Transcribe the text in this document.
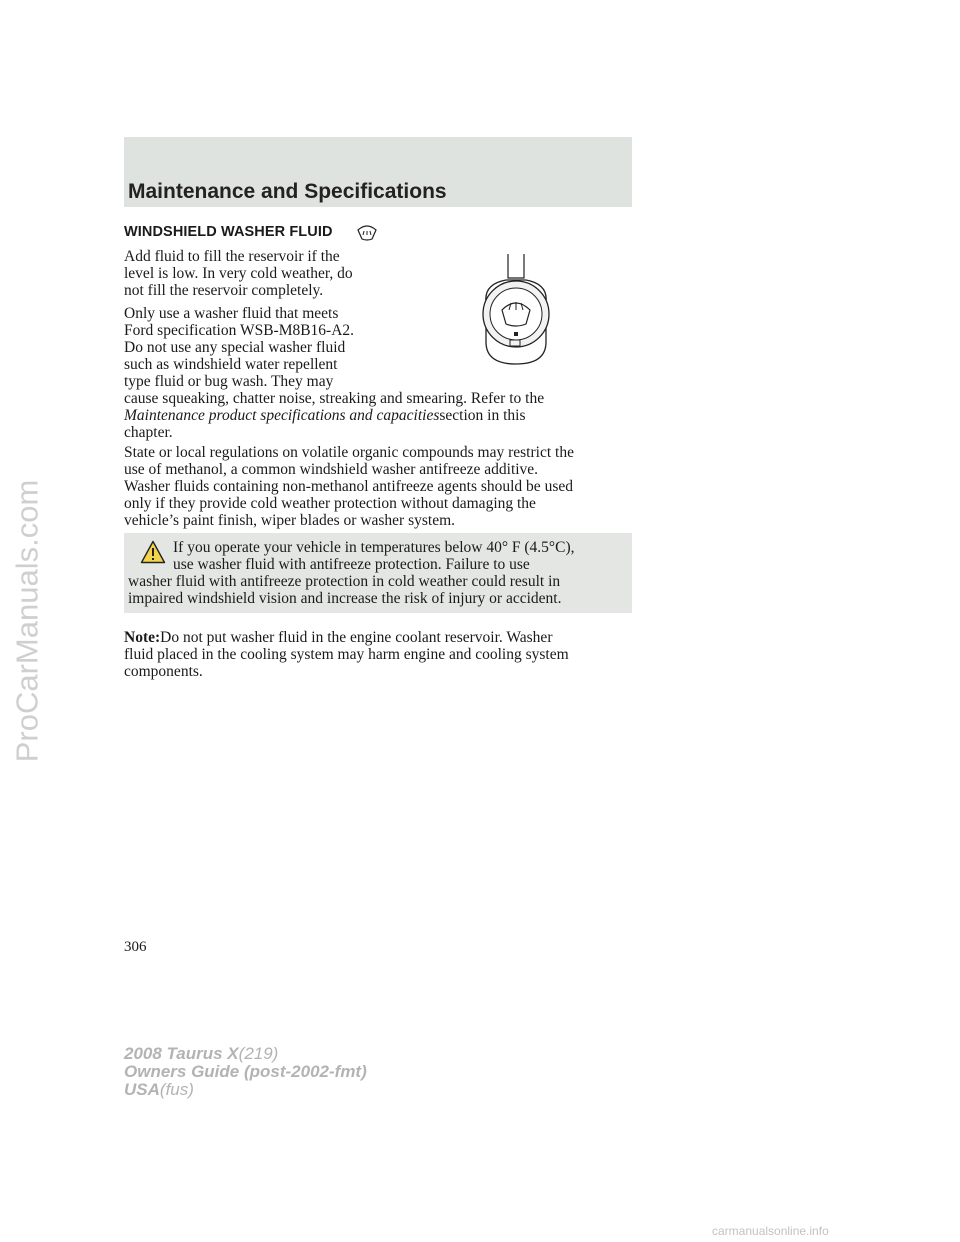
ProCarManuals.com
Maintenance and Specifications
WINDSHIELD WASHER FLUID

Add fluid to fill the reservoir if the
level is low. In very cold weather, do
not fill the reservoir completely.

Only use a washer fluid that meets
Ford specification WSB-M8B16-A2.
Do not use any special washer fluid
such as windshield water repellent
type fluid or bug wash. They may
cause squeaking, chatter noise, streaking and smearing. Refer to the
Maintenance product specifications and capacitiessection in this
chapter.

State or local regulations on volatile organic compounds may restrict the
use of methanol, a common windshield washer antifreeze additive.
Washer fluids containing non-methanol antifreeze agents should be used
only if they provide cold weather protection without damaging the
vehicle’s paint finish, wiper blades or washer system.

If you operate your vehicle in temperatures below 40° F (4.5°C),
use washer fluid with antifreeze protection. Failure to use

washer fluid with antifreeze protection in cold weather could result in
impaired windshield vision and increase the risk of injury or accident.

Note:Do not put washer fluid in the engine coolant reservoir. Washer
fluid placed in the cooling system may harm engine and cooling system
components.

306

2008 Taurus X(219)
Owners Guide (post-2002-fmt)
USA(fus)
carmanualsonline.info
